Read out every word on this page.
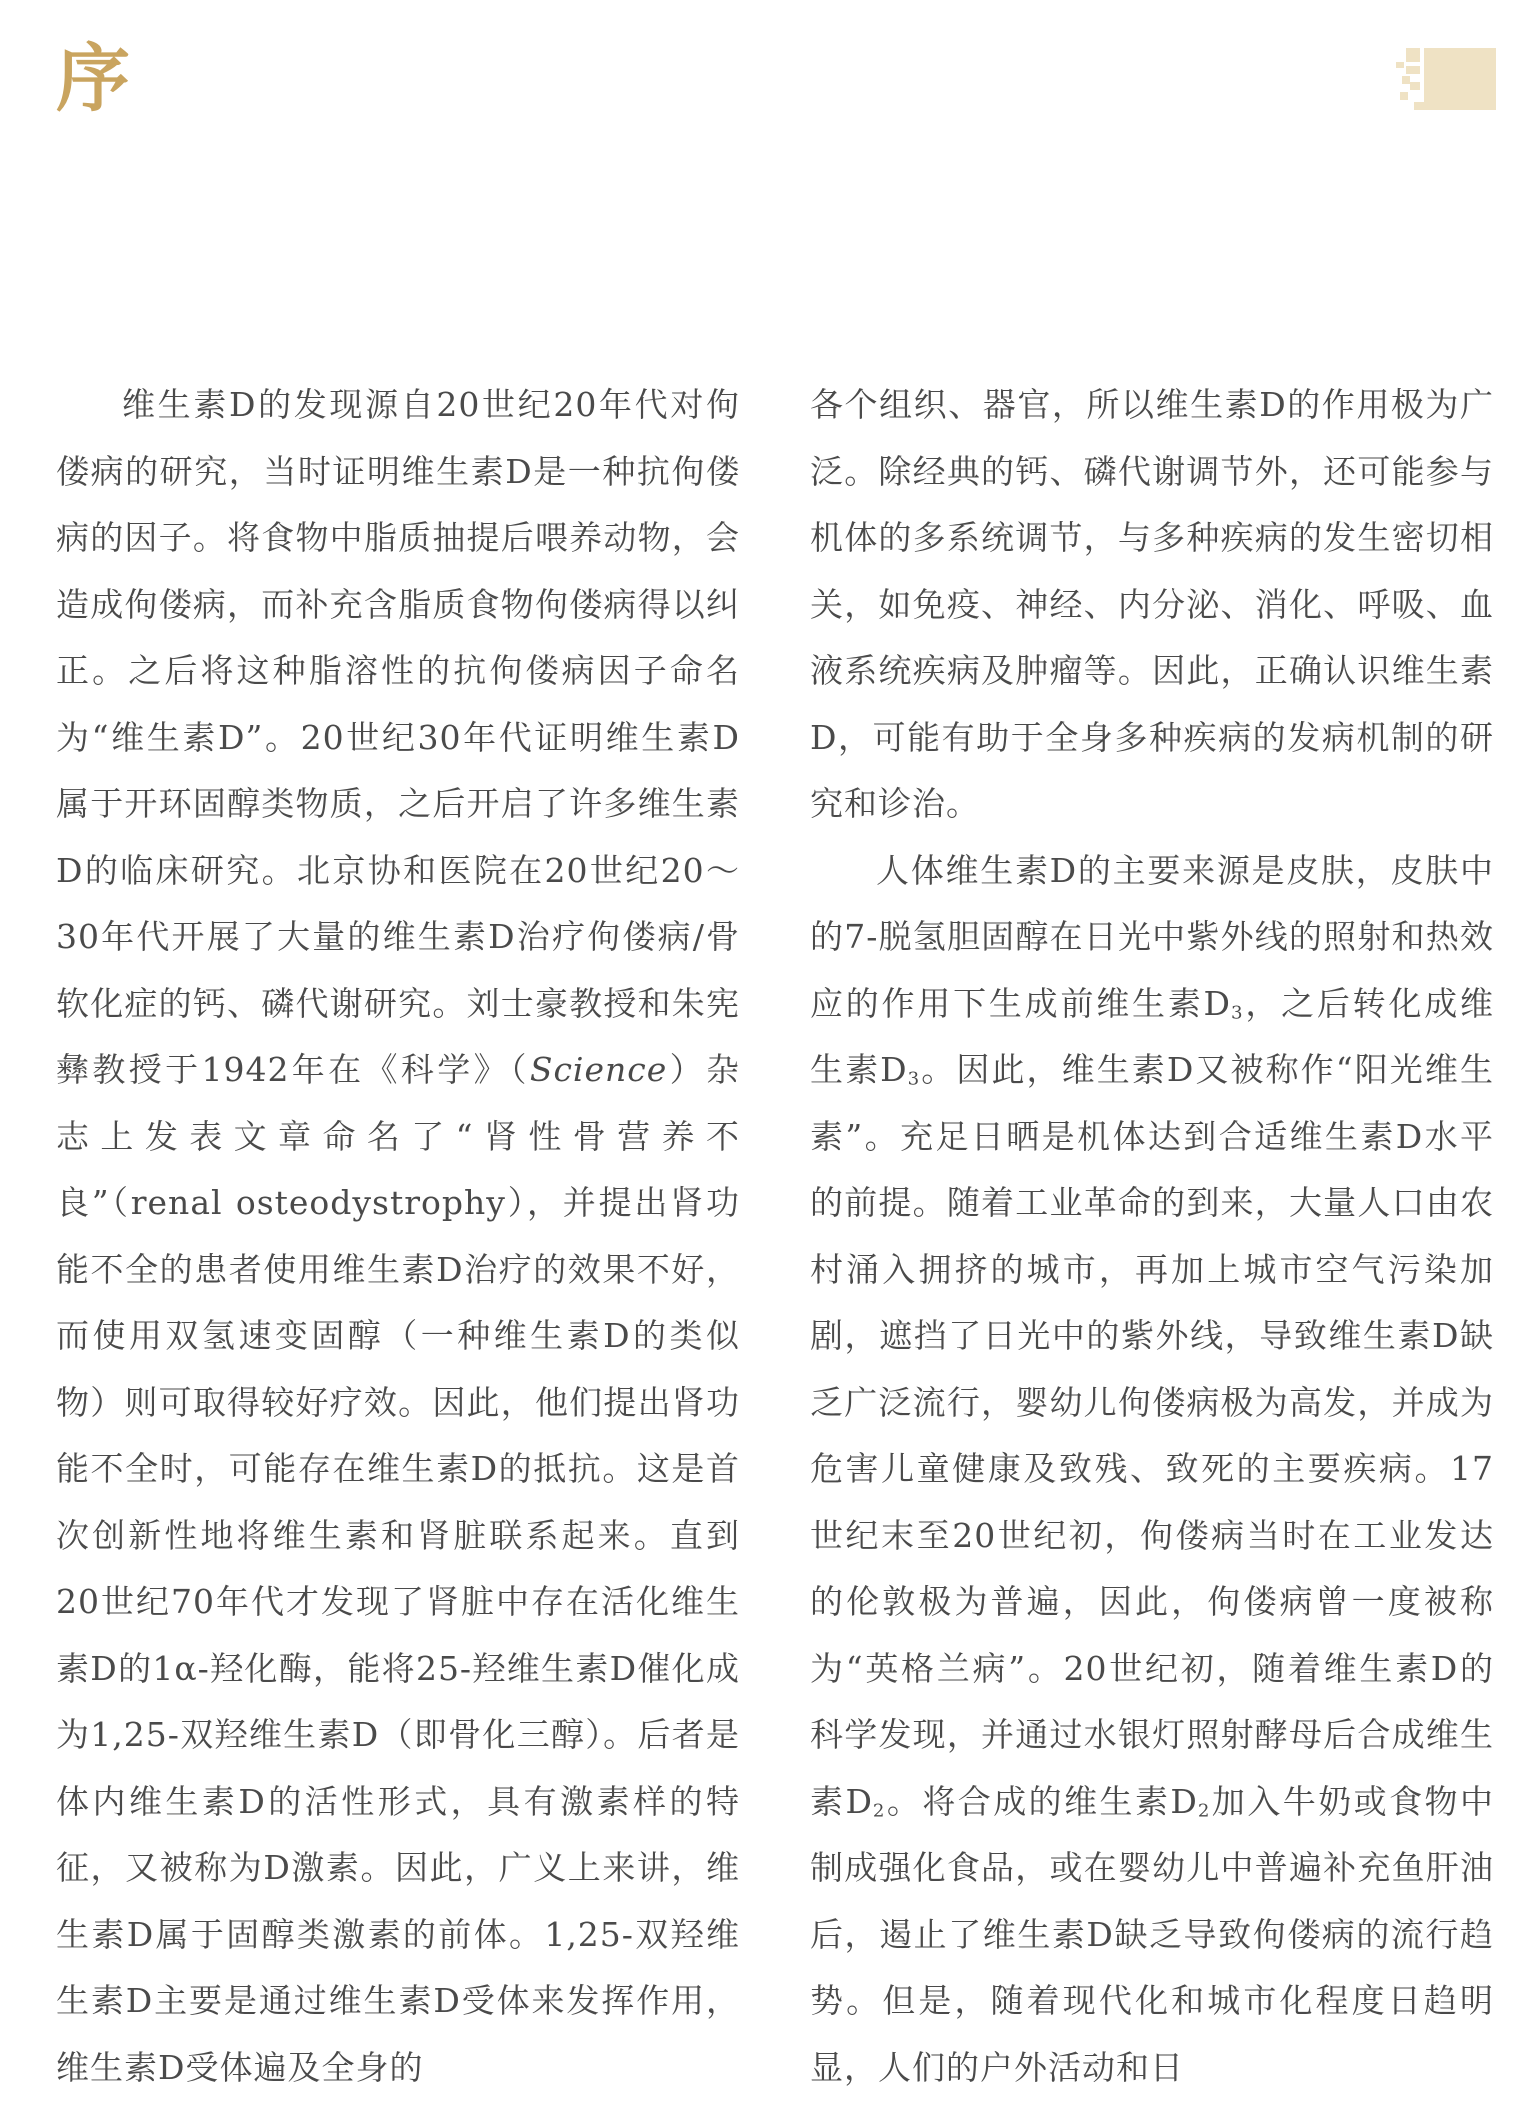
序

维生素D的发现源自20世纪20年代对佝偻病的研究，当时证明维生素D是一种抗佝偻病的因子。将食物中脂质抽提后喂养动物，会造成佝偻病，而补充含脂质食物佝偻病得以纠正。之后将这种脂溶性的抗佝偻病因子命名为“维生素D”。20世纪30年代证明维生素D属于开环固醇类物质，之后开启了许多维生素D的临床研究。北京协和医院在20世纪20～30年代开展了大量的维生素D治疗佝偻病/骨软化症的钙、磷代谢研究。刘士豪教授和朱宪彝教授于1942年在《科学》（Science）杂志上发表文章命名了“肾性骨营养不良”（renal osteodystrophy），并提出肾功能不全的患者使用维生素D治疗的效果不好，而使用双氢速变固醇（一种维生素D的类似物）则可取得较好疗效。因此，他们提出肾功能不全时，可能存在维生素D的抵抗。这是首次创新性地将维生素和肾脏联系起来。直到20世纪70年代才发现了肾脏中存在活化维生素D的1α-羟化酶，能将25-羟维生素D催化成为1,25-双羟维生素D（即骨化三醇）。后者是体内维生素D的活性形式，具有激素样的特征，又被称为D激素。因此，广义上来讲，维生素D属于固醇类激素的前体。1,25-双羟维生素D主要是通过维生素D受体来发挥作用，维生素D受体遍及全身的

各个组织、器官，所以维生素D的作用极为广泛。除经典的钙、磷代谢调节外，还可能参与机体的多系统调节，与多种疾病的发生密切相关，如免疫、神经、内分泌、消化、呼吸、血液系统疾病及肿瘤等。因此，正确认识维生素D，可能有助于全身多种疾病的发病机制的研究和诊治。

人体维生素D的主要来源是皮肤，皮肤中的7-脱氢胆固醇在日光中紫外线的照射和热效应的作用下生成前维生素$D_3$，之后转化成维生素$D_3$。因此，维生素D又被称作“阳光维生素”。充足日晒是机体达到合适维生素D水平的前提。随着工业革命的到来，大量人口由农村涌入拥挤的城市，再加上城市空气污染加剧，遮挡了日光中的紫外线，导致维生素D缺乏广泛流行，婴幼儿佝偻病极为高发，并成为危害儿童健康及致残、致死的主要疾病。17世纪末至20世纪初，佝偻病当时在工业发达的伦敦极为普遍，因此，佝偻病曾一度被称为“英格兰病”。20世纪初，随着维生素D的科学发现，并通过水银灯照射酵母后合成维生素$D_2$。将合成的维生素$D_2$加入牛奶或食物中制成强化食品，或在婴幼儿中普遍补充鱼肝油后，遏止了维生素D缺乏导致佝偻病的流行趋势。但是，随着现代化和城市化程度日趋明显，人们的户外活动和日
